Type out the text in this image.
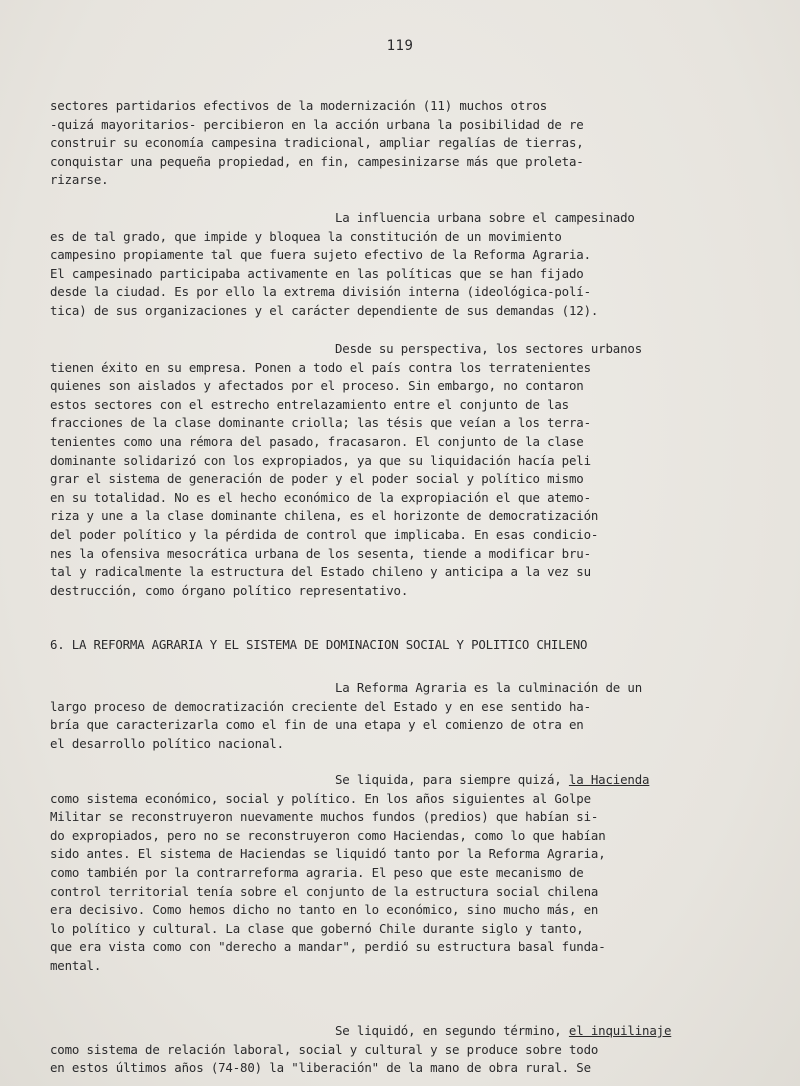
119
sectores partidarios efectivos de la modernización (11) muchos otros
-quizá mayoritarios- percibieron en la acción urbana la posibilidad de re
construir su economía campesina tradicional, ampliar regalías de tierras,
conquistar una pequeña propiedad, en fin, campesinizarse más que proleta-
rizarse.
La influencia urbana sobre el campesinado
es de tal grado, que impide y bloquea la constitución de un movimiento
campesino propiamente tal que fuera sujeto efectivo de la Reforma Agraria.
El campesinado participaba activamente en las políticas que se han fijado
desde la ciudad. Es por ello la extrema división interna (ideológica-polí-
tica) de sus organizaciones y el carácter dependiente de sus demandas (12).
Desde su perspectiva, los sectores urbanos
tienen éxito en su empresa. Ponen a todo el país contra los terratenientes
quienes son aislados y afectados por el proceso. Sin embargo, no contaron
estos sectores con el estrecho entrelazamiento entre el conjunto de las
fracciones de la clase dominante criolla; las tésis que veían a los terra-
tenientes como una rémora del pasado, fracasaron. El conjunto de la clase
dominante solidarizó con los expropiados, ya que su liquidación hacía peli
grar el sistema de generación de poder y el poder social y político mismo
en su totalidad. No es el hecho económico de la expropiación el que atemo-
riza y une a la clase dominante chilena, es el horizonte de democratización
del poder político y la pérdida de control que implicaba. En esas condicio-
nes la ofensiva mesocrática urbana de los sesenta, tiende a modificar bru-
tal y radicalmente la estructura del Estado chileno y anticipa a la vez su
destrucción, como órgano político representativo.
6. LA REFORMA AGRARIA Y EL SISTEMA DE DOMINACION SOCIAL Y POLITICO CHILENO
La Reforma Agraria es la culminación de un
largo proceso de democratización creciente del Estado y en ese sentido ha-
bría que caracterizarla como el fin de una etapa y el comienzo de otra en
el desarrollo político nacional.
Se liquida, para siempre quizá, la Hacienda
como sistema económico, social y político. En los años siguientes al Golpe
Militar se reconstruyeron nuevamente muchos fundos (predios) que habían si-
do expropiados, pero no se reconstruyeron como Haciendas, como lo que habían
sido antes. El sistema de Haciendas se liquidó tanto por la Reforma Agraria,
como también por la contrarreforma agraria. El peso que este mecanismo de
control territorial tenía sobre el conjunto de la estructura social chilena
era decisivo. Como hemos dicho no tanto en lo económico, sino mucho más, en
lo político y cultural. La clase que gobernó Chile durante siglo y tanto,
que era vista como con "derecho a mandar", perdió su estructura basal funda-
mental.
Se liquidó, en segundo término, el inquilinaje
como sistema de relación laboral, social y cultural y se produce sobre todo
en estos últimos años (74-80) la "liberación" de la mano de obra rural. Se
